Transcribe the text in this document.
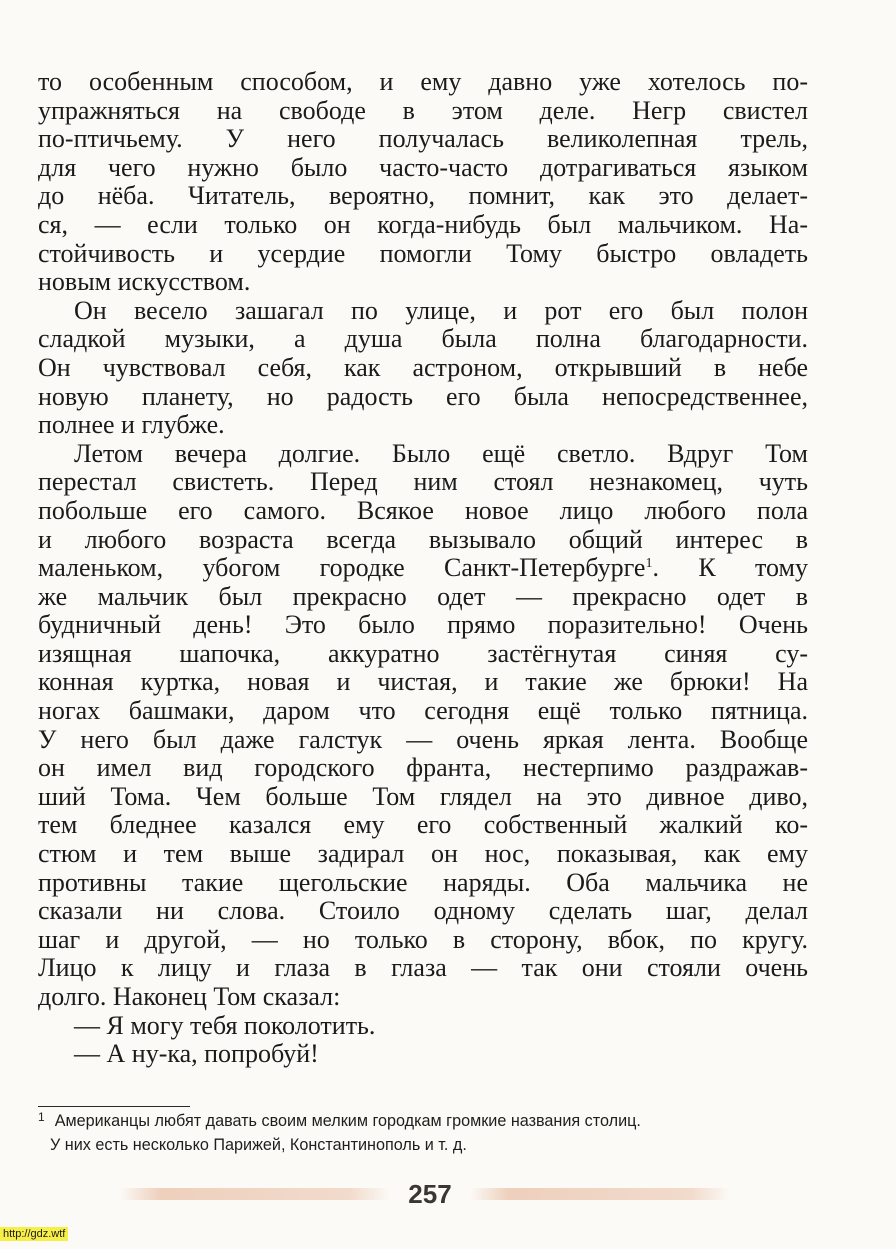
то особенным способом, и ему давно уже хотелось по-
упражняться на свободе в этом деле. Негр свистел
по-птичьему. У него получалась великолепная трель,
для чего нужно было часто-часто дотрагиваться языком
до нёба. Читатель, вероятно, помнит, как это делает-
ся, — если только он когда-нибудь был мальчиком. На-
стойчивость и усердие помогли Тому быстро овладеть
новым искусством.
Он весело зашагал по улице, и рот его был полон
сладкой музыки, а душа была полна благодарности.
Он чувствовал себя, как астроном, открывший в небе
новую планету, но радость его была непосредственнее,
полнее и глубже.
Летом вечера долгие. Было ещё светло. Вдруг Том
перестал свистеть. Перед ним стоял незнакомец, чуть
побольше его самого. Всякое новое лицо любого пола
и любого возраста всегда вызывало общий интерес в
маленьком, убогом городке Санкт-Петербурге$^1$. К тому
же мальчик был прекрасно одет — прекрасно одет в
будничный день! Это было прямо поразительно! Очень
изящная шапочка, аккуратно застёгнутая синяя су-
конная куртка, новая и чистая, и такие же брюки! На
ногах башмаки, даром что сегодня ещё только пятница.
У него был даже галстук — очень яркая лента. Вообще
он имел вид городского франта, нестерпимо раздражав-
ший Тома. Чем больше Том глядел на это дивное диво,
тем бледнее казался ему его собственный жалкий ко-
стюм и тем выше задирал он нос, показывая, как ему
противны такие щегольские наряды. Оба мальчика не
сказали ни слова. Стоило одному сделать шаг, делал
шаг и другой, — но только в сторону, вбок, по кругу.
Лицо к лицу и глаза в глаза — так они стояли очень
долго. Наконец Том сказал:
— Я могу тебя поколотить.
— А ну-ка, попробуй!
$^1$ Американцы любят давать своим мелким городкам громкие названия столиц.
У них есть несколько Парижей, Константинополь и т. д.
257
http://gdz.wtf
